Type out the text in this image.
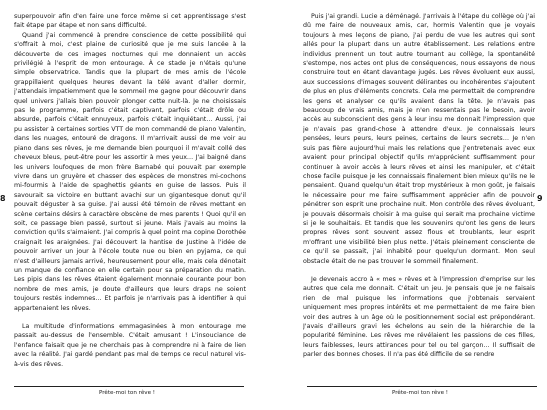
superpouvoir afin d'en faire une force même si cet apprentissage s'est fait étape par étape et non sans difficulté.

Quand j'ai commencé à prendre conscience de cette possibilité qui s'offrait à moi, c'est plaine de curiosité que je me suis lancée à la découverte de ces images nocturnes qui me donnaient un accès privilégié à l'esprit de mon entourage. À ce stade je n'étais qu'une simple observatrice. Tandis que la plupart de mes amis de l'école grappillaient quelques heures devant la télé avant d'aller dormir, j'attendais impatiemment que le sommeil me gagne pour découvrir dans quel univers j'allais bien pouvoir plonger cette nuit-là. Je ne choisissais pas le programme, parfois c'était captivant, parfois c'était drôle ou absurde, parfois c'était ennuyeux, parfois c'était inquiétant… Aussi, j'ai pu assister à certaines sorties VTT de mon commandé de piano Valentin, dans les nuages, entouré de dragons. Il m'arrivait aussi de me voir au piano dans ses rêves, je me demande bien pourquoi il m'avait collé des cheveux bleus, peut-être pour les assortir à mes yeux… J'ai baigné dans les univers loufoques de mon frère Barnabé qui pouvait par exemple vivre dans un gruyère et chasser des espèces de monstres mi-cochons mi-fourmis à l'aide de spaghettis géants en guise de lassos. Puis il savourait sa victoire en buttant avachi sur un gigantesque donut qu'il pouvait déguster à sa guise. J'ai aussi été témoin de rêves mettant en scène certains désirs à caractère obscène de mes parents ! Quoi qu'il en soit, ce passage bien passé, surtout si jeune. Mais j'avais au moins la conviction qu'ils s'aimaient. J'ai compris à quel point ma copine Dorothée craignait les araignées. J'ai découvert la hantise de Justine à l'idée de pouvoir arriver un jour à l'école toute nue ou bien en pyjama, ce qui n'est d'ailleurs jamais arrivé, heureusement pour elle, mais cela dénotait un manque de confiance en elle certain pour sa préparation du matin. Les pipis dans les rêves étaient également monnaie courante pour bon nombre de mes amis, je doute d'ailleurs que leurs draps ne soient toujours restés indemnes… Et parfois je n'arrivais pas à identifier à qui appartenaient les rêves.

La multitude d'informations emmagasinées à mon entourage me passait au-dessus de l'ensemble. C'était amusant ! L'insouciance de l'enfance faisait que je ne cherchais pas à comprendre ni à faire de lien avec la réalité. J'ai gardé pendant pas mal de temps ce recul naturel vis-à-vis des rêves.

Prête-moi ton rêve !

Puis j'ai grandi. Lucie a déménagé. J'arrivais à l'étape du collège où j'ai dû me faire de nouveaux amis, car, hormis Valentin que je voyais toujours à mes leçons de piano, j'ai perdu de vue les autres qui sont allés pour la plupart dans un autre établissement. Les relations entre individus prennent un tout autre tournant au collège, la spontanéité s'estompe, nos actes ont plus de conséquences, nous essayons de nous construire tout en étant davantage jugés. Les rêves évoluent eux aussi, aux successions d'images souvent délirantes ou incohérentes s'ajoutent de plus en plus d'éléments concrets. Cela me permettait de comprendre les gens et analyser ce qu'ils avaient dans la tête. Je n'avais pas beaucoup de vrais amis, mais je n'en ressentais pas le besoin, avoir accès au subconscient des gens à leur insu me donnait l'impression que je n'avais pas grand-chose à attendre d'eux. Je connaissais leurs pensées, leurs peurs, leurs peines, certains de leurs secrets… Je n'en suis pas fière aujourd'hui mais les relations que j'entretenais avec eux avaient pour principal objectif qu'ils m'apprécient suffisamment pour continuer à avoir accès à leurs rêves et ainsi les manipuler, et c'était chose facile puisque je les connaissais finalement bien mieux qu'ils ne le pensaient. Quand quelqu'un était trop mystérieux à mon goût, je faisais le nécessaire pour me faire suffisamment apprécier afin de pouvoir pénétrer son esprit une prochaine nuit. Mon contrôle des rêves évoluant, je pouvais désormais choisir à ma guise qui serait ma prochaine victime si je le souhaitais. Et tandis que les souvenirs qu'ont les gens de leurs propres rêves sont souvent assez flous et troublants, leur esprit m'offrant une visibilité bien plus nette. J'étais pleinement consciente de ce qu'il se passait, j'ai inhabité pour quelqu'un dormant. Mon seul obstacle était de ne pas trouver le sommeil finalement.

Je devenais accro à « mes » rêves et à l'impression d'emprise sur les autres que cela me donnait. C'était un jeu. Je pensais que je ne faisais rien de mal puisque les informations que j'obtenais servaient uniquement mes propres intérêts et me permettaient de me faire bien voir des autres à un âge où le positionnement social est prépondérant. J'avais d'ailleurs gravi les échelons au sein de la hiérarchie de la popularité féminine. Les rêves me révélaient les passions de ces filles, leurs faiblesses, leurs attirances pour tel ou tel garçon… Il suffisait de parler des bonnes choses. Il n'a pas été difficile de se rendre

Prête-moi ton rêve !
8	9
